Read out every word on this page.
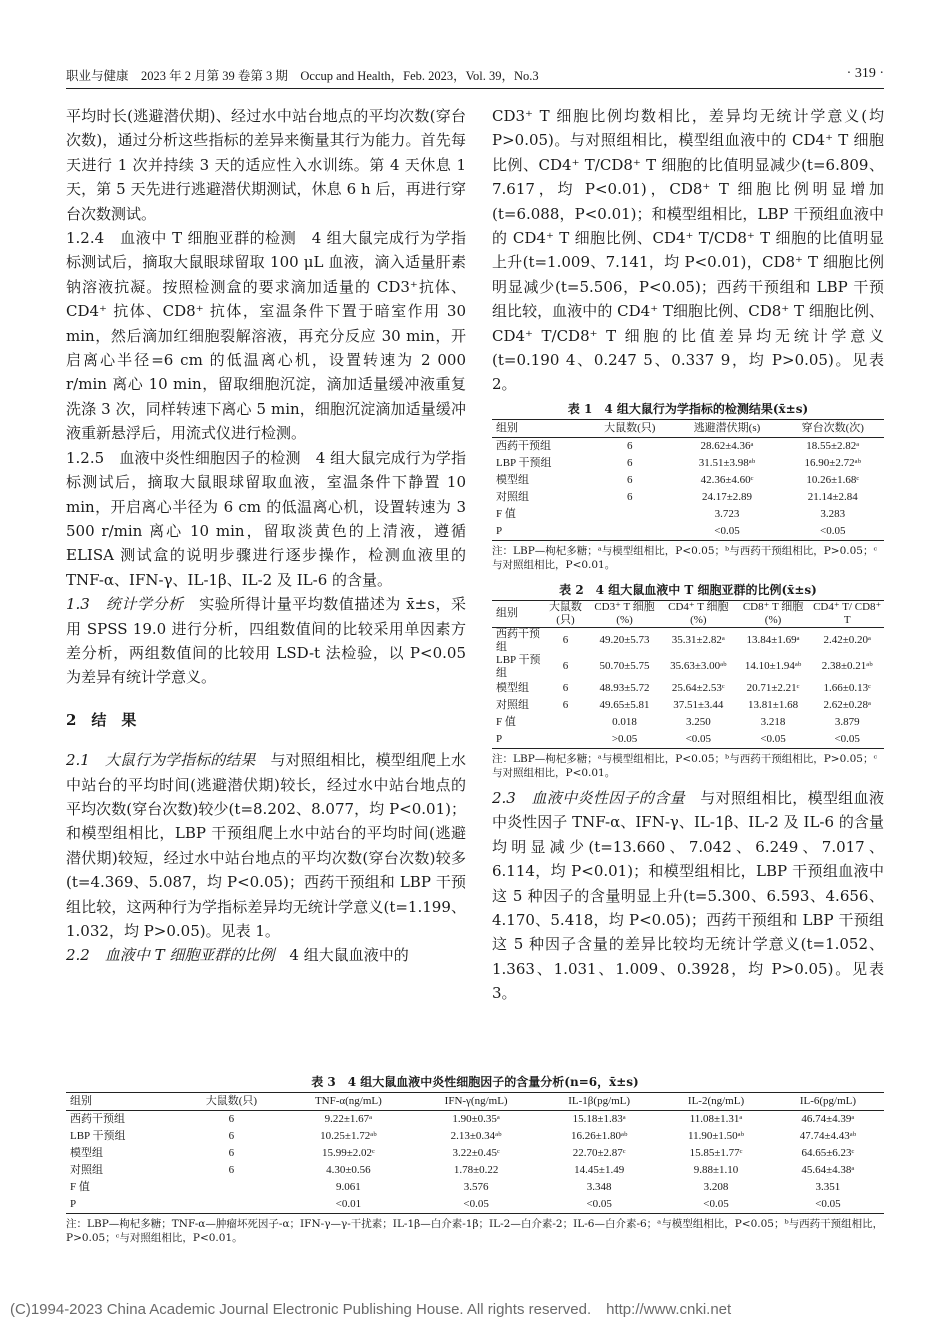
职业与健康　2023 年 2 月第 39 卷第 3 期　Occup and Health，Feb. 2023，Vol. 39，No.3	· 319 ·

平均时长(逃避潜伏期)、经过水中站台地点的平均次数(穿台次数)，通过分析这些指标的差异来衡量其行为能力。首先每天进行 1 次并持续 3 天的适应性入水训练。第 4 天休息 1 天，第 5 天先进行逃避潜伏期测试，休息 6 h 后，再进行穿台次数测试。

1.2.4　血液中 T 细胞亚群的检测　4 组大鼠完成行为学指标测试后，摘取大鼠眼球留取 100 μL 血液，滴入适量肝素钠溶液抗凝。按照检测盒的要求滴加适量的 CD3⁺抗体、CD4⁺ 抗体、CD8⁺ 抗体，室温条件下置于暗室作用 30 min，然后滴加红细胞裂解溶液，再充分反应 30 min，开启离心半径=6 cm 的低温离心机，设置转速为 2 000 r/min 离心 10 min，留取细胞沉淀，滴加适量缓冲液重复洗涤 3 次，同样转速下离心 5 min，细胞沉淀滴加适量缓冲液重新悬浮后，用流式仪进行检测。

1.2.5　血液中炎性细胞因子的检测　4 组大鼠完成行为学指标测试后，摘取大鼠眼球留取血液，室温条件下静置 10 min，开启离心半径为 6 cm 的低温离心机，设置转速为 3 500 r/min 离心 10 min，留取淡黄色的上清液，遵循 ELISA 测试盒的说明步骤进行逐步操作，检测血液里的 TNF-α、IFN-γ、IL-1β、IL-2 及 IL-6 的含量。

1.3　统计学分析　实验所得计量平均数值描述为 x̄±s，采用 SPSS 19.0 进行分析，四组数值间的比较采用单因素方差分析，两组数值间的比较用 LSD-t 法检验，以 P<0.05 为差异有统计学意义。

2　结　果

2.1　大鼠行为学指标的结果　与对照组相比，模型组爬上水中站台的平均时间(逃避潜伏期)较长，经过水中站台地点的平均次数(穿台次数)较少(t=8.202、8.077，均 P<0.01)；和模型组相比，LBP 干预组爬上水中站台的平均时间(逃避潜伏期)较短，经过水中站台地点的平均次数(穿台次数)较多(t=4.369、5.087，均 P<0.05)；西药干预组和 LBP 干预组比较，这两种行为学指标差异均无统计学意义(t=1.199、1.032，均 P>0.05)。见表 1。

2.2　血液中 T 细胞亚群的比例　4 组大鼠血液中的

CD3⁺ T 细胞比例均数相比，差异均无统计学意义(均 P>0.05)。与对照组相比，模型组血液中的 CD4⁺ T 细胞比例、CD4⁺ T/CD8⁺ T 细胞的比值明显减少(t=6.809、7.617，均 P<0.01)，CD8⁺ T 细胞比例明显增加(t=6.088，P<0.01)；和模型组相比，LBP 干预组血液中的 CD4⁺ T 细胞比例、CD4⁺ T/CD8⁺ T 细胞的比值明显上升(t=1.009、7.141，均 P<0.01)，CD8⁺ T 细胞比例明显减少(t=5.506，P<0.05)；西药干预组和 LBP 干预组比较，血液中的 CD4⁺ T细胞比例、CD8⁺ T 细胞比例、CD4⁺ T/CD8⁺ T 细胞的比值差异均无统计学意义(t=0.190 4、0.247 5、0.337 9，均 P>0.05)。见表 2。

表 1　4 组大鼠行为学指标的检测结果(x̄±s)
组别	大鼠数(只)	逃避潜伏期(s)	穿台次数(次)
西药干预组	6	28.62±4.36ᵃ	18.55±2.82ᵃ
LBP 干预组	6	31.51±3.98ᵃᵇ	16.90±2.72ᵃᵇ
模型组	6	42.36±4.60ᶜ	10.26±1.68ᶜ
对照组	6	24.17±2.89	21.14±2.84
F 值		3.723	3.283
P		<0.05	<0.05
注：LBP—枸杞多糖；ᵃ与模型组相比，P<0.05；ᵇ与西药干预组相比，P>0.05；ᶜ与对照组相比，P<0.01。
表 2　4 组大鼠血液中 T 细胞亚群的比例(x̄±s)
组别	大鼠数(只)	CD3⁺ T 细胞(%)	CD4⁺ T 细胞(%)	CD8⁺ T 细胞(%)	CD4⁺ T/ CD8⁺ T
西药干预组	6	49.20±5.73	35.31±2.82ᵃ	13.84±1.69ᵃ	2.42±0.20ᵃ
LBP 干预组	6	50.70±5.75	35.63±3.00ᵃᵇ	14.10±1.94ᵃᵇ	2.38±0.21ᵃᵇ
模型组	6	48.93±5.72	25.64±2.53ᶜ	20.71±2.21ᶜ	1.66±0.13ᶜ
对照组	6	49.65±5.81	37.51±3.44	13.81±1.68	2.62±0.28ᵃ
F 值		0.018	3.250	3.218	3.879
P		>0.05	<0.05	<0.05	<0.05
注：LBP—枸杞多糖；ᵃ与模型组相比，P<0.05；ᵇ与西药干预组相比，P>0.05；ᶜ与对照组相比，P<0.01。

2.3　血液中炎性因子的含量　与对照组相比，模型组血液中炎性因子 TNF-α、IFN-γ、IL-1β、IL-2 及 IL-6 的含量均明显减少(t=13.660、7.042、6.249、7.017、6.114，均 P<0.01)；和模型组相比，LBP 干预组血液中这 5 种因子的含量明显上升(t=5.300、6.593、4.656、4.170、5.418，均 P<0.05)；西药干预组和 LBP 干预组这 5 种因子含量的差异比较均无统计学意义(t=1.052、1.363、1.031、1.009、0.3928，均 P>0.05)。见表 3。

表 3　4 组大鼠血液中炎性细胞因子的含量分析(n=6，x̄±s)
组别	大鼠数(只)	TNF-α(ng/mL)	IFN-γ(ng/mL)	IL-1β(pg/mL)	IL-2(ng/mL)	IL-6(pg/mL)
西药干预组	6	9.22±1.67ᵃ	1.90±0.35ᵃ	15.18±1.83ᵃ	11.08±1.31ᵃ	46.74±4.39ᵃ
LBP 干预组	6	10.25±1.72ᵃᵇ	2.13±0.34ᵃᵇ	16.26±1.80ᵃᵇ	11.90±1.50ᵃᵇ	47.74±4.43ᵃᵇ
模型组	6	15.99±2.02ᶜ	3.22±0.45ᶜ	22.70±2.87ᶜ	15.85±1.77ᶜ	64.65±6.23ᶜ
对照组	6	4.30±0.56	1.78±0.22	14.45±1.49	9.88±1.10	45.64±4.38ᵃ
F 值		9.061	3.576	3.348	3.208	3.351
P		<0.01	<0.05	<0.05	<0.05	<0.05
注：LBP—枸杞多糖；TNF-α—肿瘤坏死因子-α；IFN-γ—γ-干扰素；IL-1β—白介素-1β；IL-2—白介素-2；IL-6—白介素-6；ᵃ与模型组相比，P<0.05；ᵇ与西药干预组相比，P>0.05；ᶜ与对照组相比，P<0.01。
(C)1994-2023 China Academic Journal Electronic Publishing House. All rights reserved.　http://www.cnki.net
